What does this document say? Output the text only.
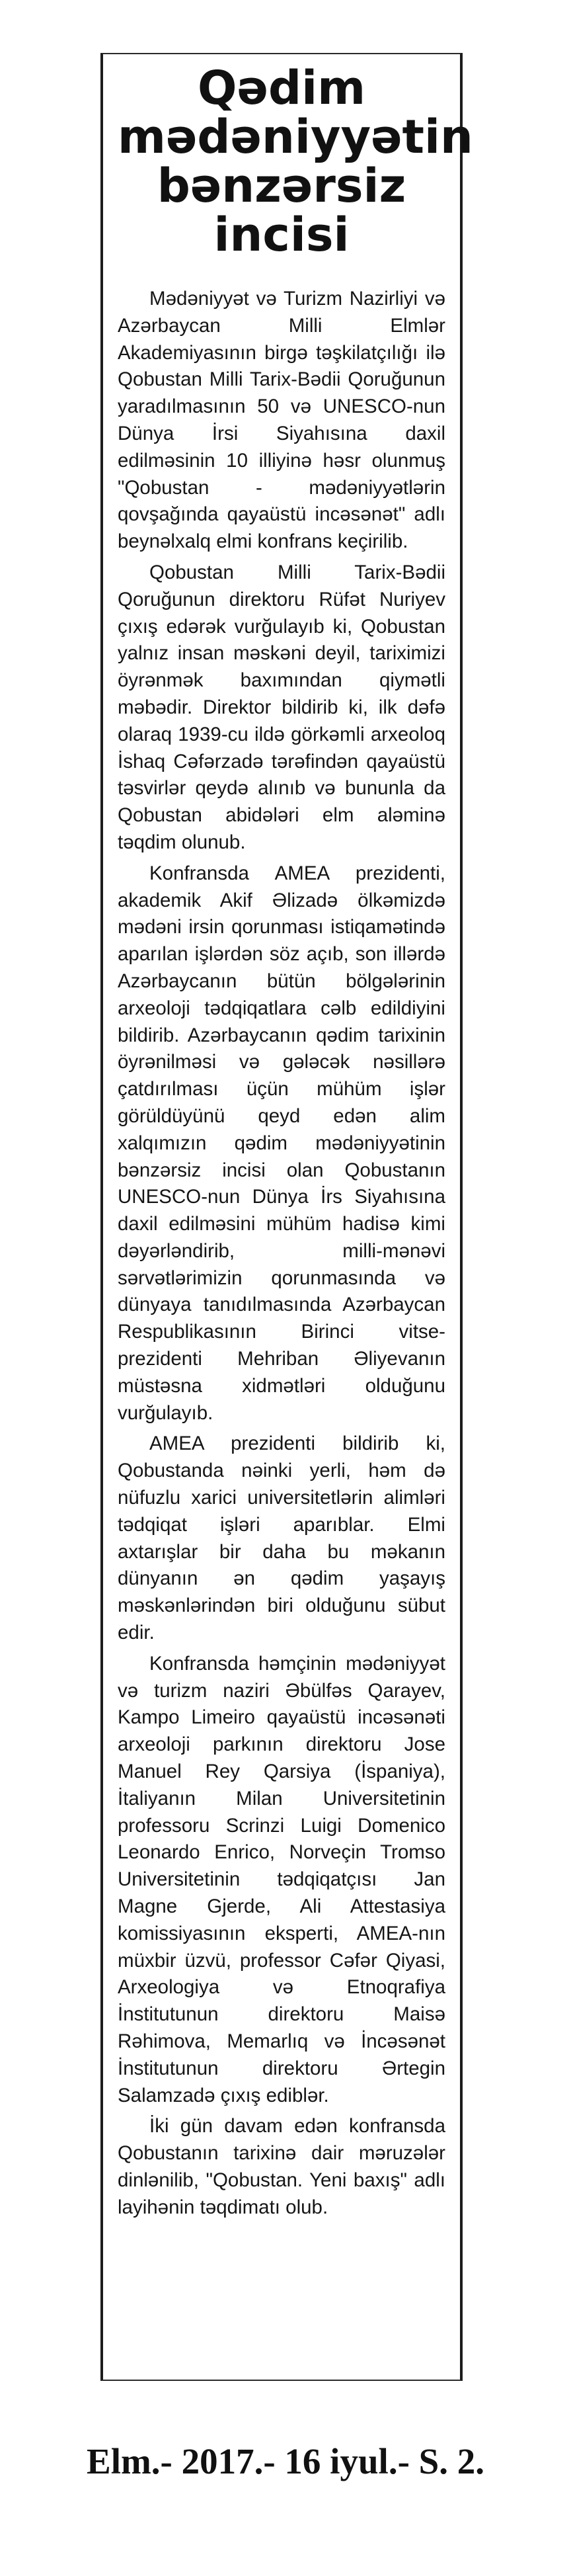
Qədim
mədəniyyətin
bənzərsiz
incisi

Mədəniyyət və Turizm Nazirliyi və Azərbaycan Milli Elmlər Akademiyasının birgə təşkilatçılığı ilə Qobustan Milli Tarix-Bədii Qoruğunun yaradılmasının 50 və UNESCO-nun Dünya İrsi Siyahısına daxil edilməsinin 10 illiyinə həsr olunmuş "Qobustan - mədəniyyətlərin qovşağında qayaüstü incəsənət" adlı beynəlxalq elmi konfrans keçirilib.

Qobustan Milli Tarix-Bədii Qoruğunun direktoru Rüfət Nuriyev çıxış edərək vurğulayıb ki, Qobustan yalnız insan məskəni deyil, tariximizi öyrənmək baxımından qiymətli məbədir. Direktor bildirib ki, ilk dəfə olaraq 1939-cu ildə görkəmli arxeoloq İshaq Cəfərzadə tərəfindən qayaüstü təsvirlər qeydə alınıb və bununla da Qobustan abidələri elm aləminə təqdim olunub.

Konfransda AMEA prezidenti, akademik Akif Əlizadə ölkəmizdə mədəni irsin qorunması istiqamətində aparılan işlərdən söz açıb, son illərdə Azərbaycanın bütün bölgələrinin arxeoloji tədqiqatlara cəlb edildiyini bildirib. Azərbaycanın qədim tarixinin öyrənilməsi və gələcək nəsillərə çatdırılması üçün mühüm işlər görüldüyünü qeyd edən alim xalqımızın qədim mədəniyyətinin bənzərsiz incisi olan Qobustanın UNESCO-nun Dünya İrs Siyahısına daxil edilməsini mühüm hadisə kimi dəyərləndirib, milli-mənəvi sərvətlərimizin qorunmasında və dünyaya tanıdılmasında Azərbaycan Respublikasının Birinci vitse-prezidenti Mehriban Əliyevanın müstəsna xidmətləri olduğunu vurğulayıb.

AMEA prezidenti bildirib ki, Qobustanda nəinki yerli, həm də nüfuzlu xarici universitetlərin alimləri tədqiqat işləri aparıblar. Elmi axtarışlar bir daha bu məkanın dünyanın ən qədim yaşayış məskənlərindən biri olduğunu sübut edir.

Konfransda həmçinin mədəniyyət və turizm naziri Əbülfəs Qarayev, Kampo Limeiro qayaüstü incəsənəti arxeoloji parkının direktoru Jose Manuel Rey Qarsiya (İspaniya), İtaliyanın Milan Universitetinin professoru Scrinzi Luigi Domenico Leonardo Enrico, Norveçin Tromso Universitetinin tədqiqatçısı Jan Magne Gjerde, Ali Attestasiya komissiyasının eksperti, AMEA-nın müxbir üzvü, professor Cəfər Qiyasi, Arxeologiya və Etnoqrafiya İnstitutunun direktoru Maisə Rəhimova, Memarlıq və İncəsənət İnstitutunun direktoru Ərtegin Salamzadə çıxış ediblər.

İki gün davam edən konfransda Qobustanın tarixinə dair məruzələr dinlənilib, "Qobustan. Yeni baxış" adlı layihənin təqdimatı olub.

Elm.- 2017.- 16 iyul.- S. 2.
